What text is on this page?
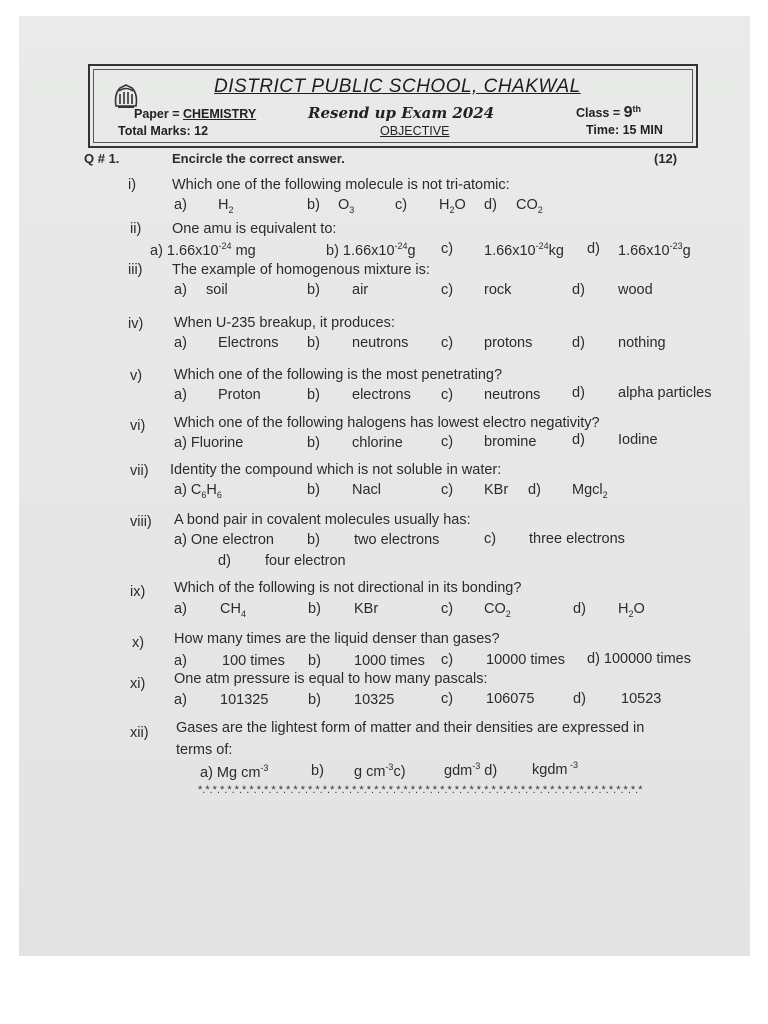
DISTRICT PUBLIC SCHOOL, CHAKWAL
Paper = CHEMISTRY	Resend up Exam 2024	Class = 9th
Total Marks: 12	OBJECTIVE	Time: 15 MIN
Q # 1.	Encircle the correct answer.	(12)
i) Which one of the following molecule is not tri-atomic:
a) $H_2$	b) $O_3$	c) $H_2O$ d) $CO_2$
ii) One amu is equivalent to:
a) $1.66x10^{-24}$ mg	b) $1.66x10^{-24}g$ c) $1.66x10^{-24}kg$ d) $1.66x10^{-23}g$
iii) The example of homogenous mixture is:
a) soil	b) air	c) rock	d) wood
iv) When U-235 breakup, it produces:
a) Electrons b) neutrons c) protons	d) nothing
v) Which one of the following is the most penetrating?
a) Proton	b) electrons c) neutrons d) alpha particles
vi) Which one of the following halogens has lowest electro negativity?
a) Fluorine	b) chlorine	c) bromine d) Iodine
vii) Identity the compound which is not soluble in water:
a) $C_6H_6$	b) Nacl	c) KBr d) Mgcl$_2$
viii) A bond pair in covalent molecules usually has:
a) One electron b) two electrons	c) three electrons
d) four electron
ix) Which of the following is not directional in its bonding?
a) $CH_4$	b) KBr	c) $CO_2$	d) $H_2O$
x) How many times are the liquid denser than gases?
a) 100 times b) 1000 times c) 10000 times d) 100000 times
xi) One atm pressure is equal to how many pascals:
a) 101325	b) 10325	c) 106075	d) 10523
xii) Gases are the lightest form of matter and their densities are expressed in
terms of:
a) Mg $cm^{-3}$	b) g $cm^{-3}c$)	gdm$^{-3}$ d) kgdm $^{-3}$
*.*.*.*.*.*.*.*.*.*.*.*.*.*.*.*.*.*.*.*.*.*.*.*.*.*.*.*.*.*.*.*.*.*.*.*.*.*.*.*.*.*.*.*.*.*.*.*.*.*.*.*.*.*.*.*.*.*.*.*.*
